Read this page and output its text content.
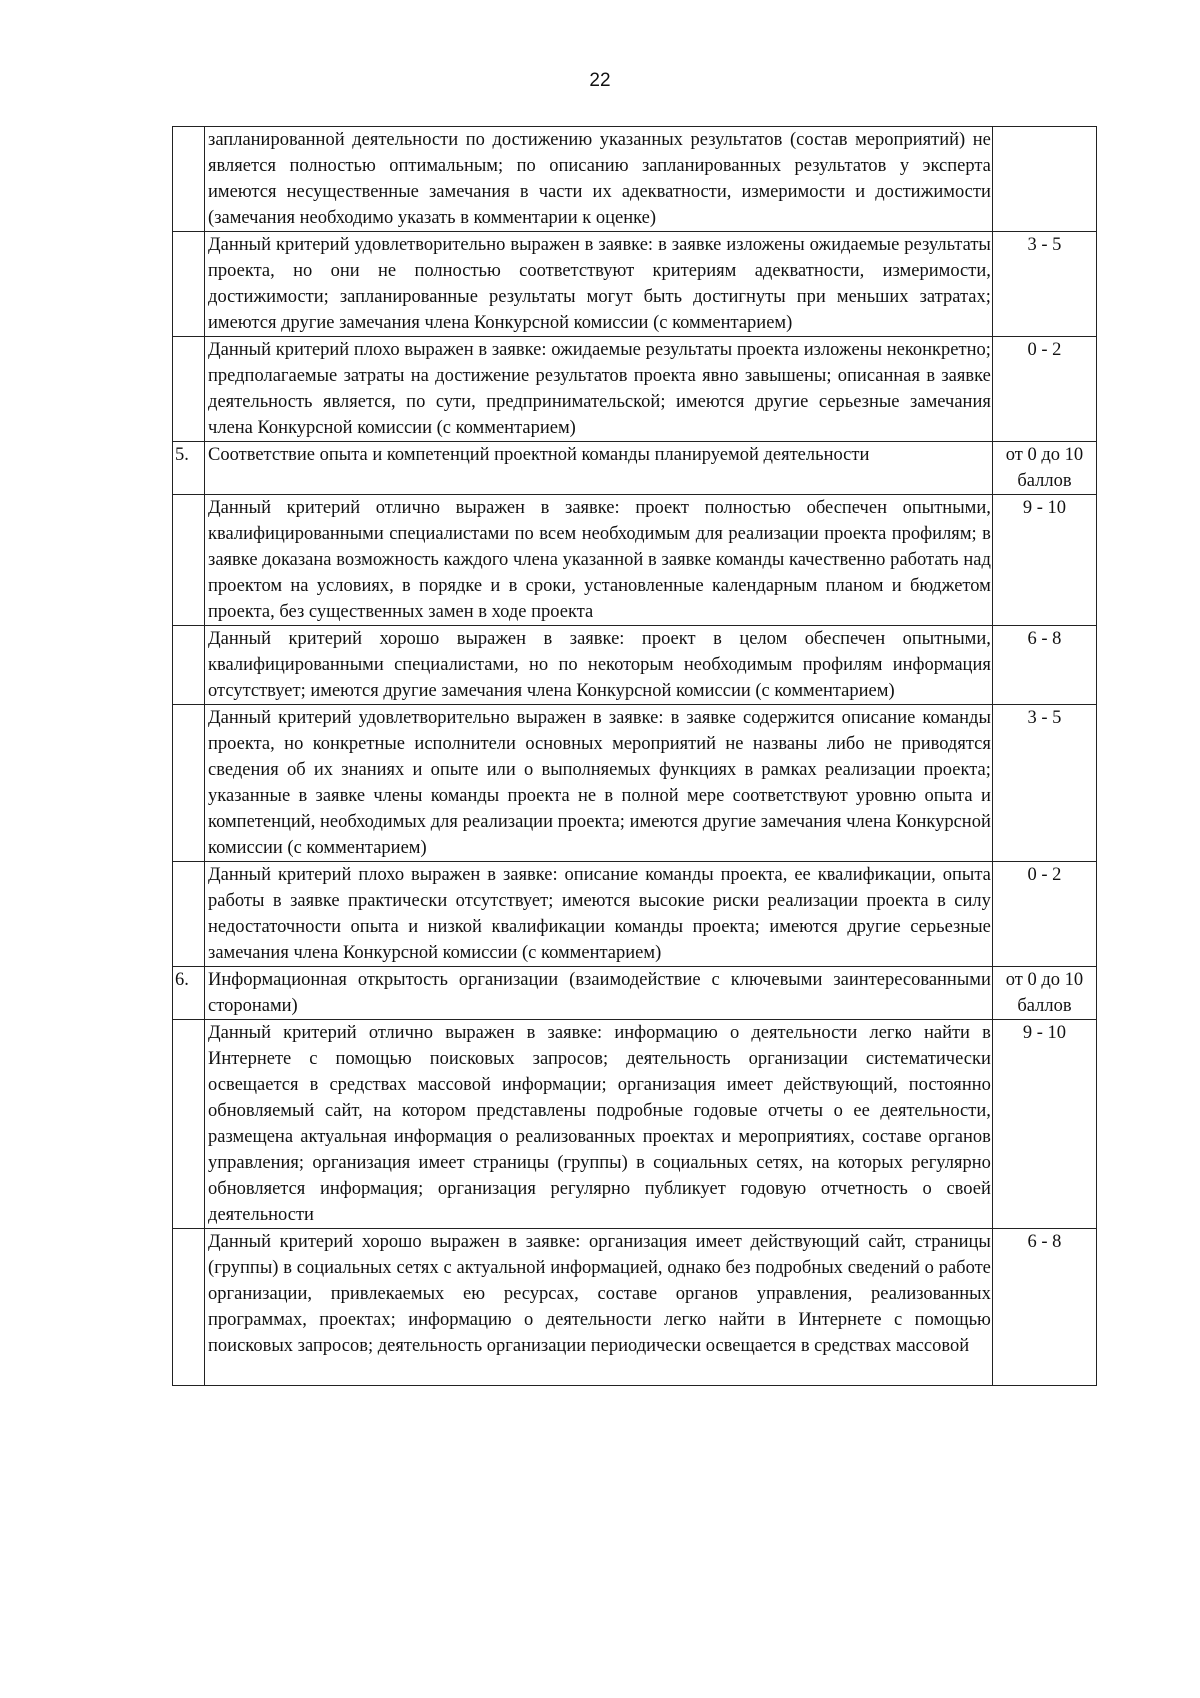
22
	запланированной деятельности по достижению указанных результатов (состав мероприятий) не является полностью оптимальным; по описанию запланированных результатов у эксперта имеются несущественные замечания в части их адекватности, измеримости и достижимости (замечания необходимо указать в комментарии к оценке)	
	Данный критерий удовлетворительно выражен в заявке: в заявке изложены ожидаемые результаты проекта, но они не полностью соответствуют критериям адекватности, измеримости, достижимости; запланированные результаты могут быть достигнуты при меньших затратах; имеются другие замечания члена Конкурсной комиссии (с комментарием)	3 - 5
	Данный критерий плохо выражен в заявке: ожидаемые результаты проекта изложены неконкретно; предполагаемые затраты на достижение результатов проекта явно завышены; описанная в заявке деятельность является, по сути, предпринимательской; имеются другие серьезные замечания члена Конкурсной комиссии (с комментарием)	0 - 2
5.	Соответствие опыта и компетенций проектной команды планируемой деятельности	от 0 до 10 баллов
	Данный критерий отлично выражен в заявке: проект полностью обеспечен опытными, квалифицированными специалистами по всем необходимым для реализации проекта профилям; в заявке доказана возможность каждого члена указанной в заявке команды качественно работать над проектом на условиях, в порядке и в сроки, установленные календарным планом и бюджетом проекта, без существенных замен в ходе проекта	9 - 10
	Данный критерий хорошо выражен в заявке: проект в целом обеспечен опытными, квалифицированными специалистами, но по некоторым необходимым профилям информация отсутствует; имеются другие замечания члена Конкурсной комиссии (с комментарием)	6 - 8
	Данный критерий удовлетворительно выражен в заявке: в заявке содержится описание команды проекта, но конкретные исполнители основных мероприятий не названы либо не приводятся сведения об их знаниях и опыте или о выполняемых функциях в рамках реализации проекта; указанные в заявке члены команды проекта не в полной мере соответствуют уровню опыта и компетенций, необходимых для реализации проекта; имеются другие замечания члена Конкурсной комиссии (с комментарием)	3 - 5
	Данный критерий плохо выражен в заявке: описание команды проекта, ее квалификации, опыта работы в заявке практически отсутствует; имеются высокие риски реализации проекта в силу недостаточности опыта и низкой квалификации команды проекта; имеются другие серьезные замечания члена Конкурсной комиссии (с комментарием)	0 - 2
6.	Информационная открытость организации (взаимодействие с ключевыми заинтересованными сторонами)	от 0 до 10 баллов
	Данный критерий отлично выражен в заявке: информацию о деятельности легко найти в Интернете с помощью поисковых запросов; деятельность организации систематически освещается в средствах массовой информации; организация имеет действующий, постоянно обновляемый сайт, на котором представлены подробные годовые отчеты о ее деятельности, размещена актуальная информация о реализованных проектах и мероприятиях, составе органов управления; организация имеет страницы (группы) в социальных сетях, на которых регулярно обновляется информация; организация регулярно публикует годовую отчетность о своей деятельности	9 - 10
	Данный критерий хорошо выражен в заявке: организация имеет действующий сайт, страницы (группы) в социальных сетях с актуальной информацией, однако без подробных сведений о работе организации, привлекаемых ею ресурсах, составе органов управления, реализованных программах, проектах; информацию о деятельности легко найти в Интернете с помощью поисковых запросов; деятельность организации периодически освещается в средствах массовой	6 - 8
